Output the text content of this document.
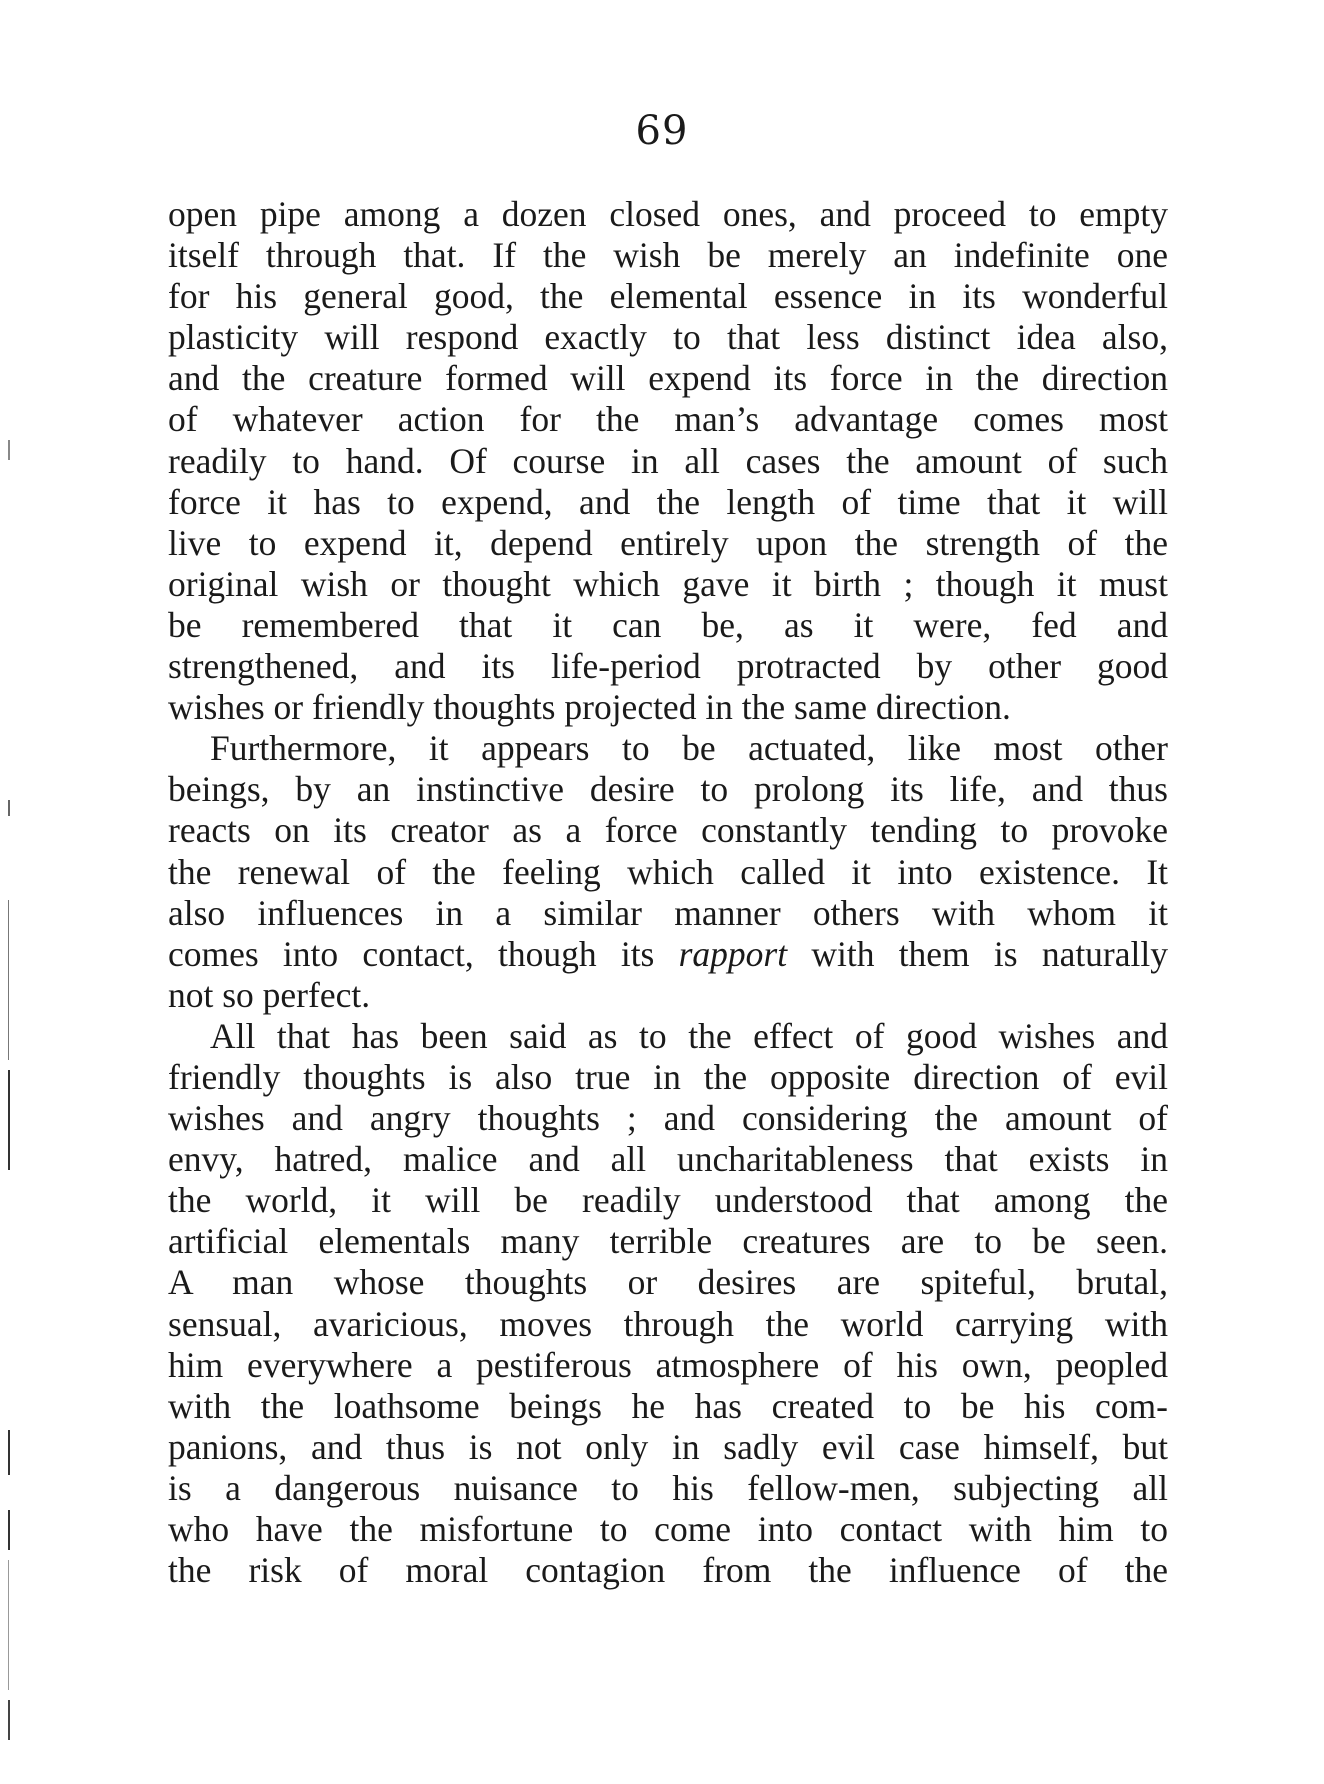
69
open pipe among a dozen closed ones, and proceed to empty
itself through that. If the wish be merely an indefinite one
for his general good, the elemental essence in its wonderful
plasticity will respond exactly to that less distinct idea also,
and the creature formed will expend its force in the direction
of whatever action for the man’s advantage comes most
readily to hand. Of course in all cases the amount of such
force it has to expend, and the length of time that it will
live to expend it, depend entirely upon the strength of the
original wish or thought which gave it birth ; though it must
be remembered that it can be, as it were, fed and
strengthened, and its life-period protracted by other good
wishes or friendly thoughts projected in the same direction.
Furthermore, it appears to be actuated, like most other
beings, by an instinctive desire to prolong its life, and thus
reacts on its creator as a force constantly tending to provoke
the renewal of the feeling which called it into existence. It
also influences in a similar manner others with whom it
comes into contact, though its rapport with them is naturally
not so perfect.
All that has been said as to the effect of good wishes and
friendly thoughts is also true in the opposite direction of evil
wishes and angry thoughts ; and considering the amount of
envy, hatred, malice and all uncharitableness that exists in
the world, it will be readily understood that among the
artificial elementals many terrible creatures are to be seen.
A man whose thoughts or desires are spiteful, brutal,
sensual, avaricious, moves through the world carrying with
him everywhere a pestiferous atmosphere of his own, peopled
with the loathsome beings he has created to be his com-
panions, and thus is not only in sadly evil case himself, but
is a dangerous nuisance to his fellow-men, subjecting all
who have the misfortune to come into contact with him to
the risk of moral contagion from the influence of the
